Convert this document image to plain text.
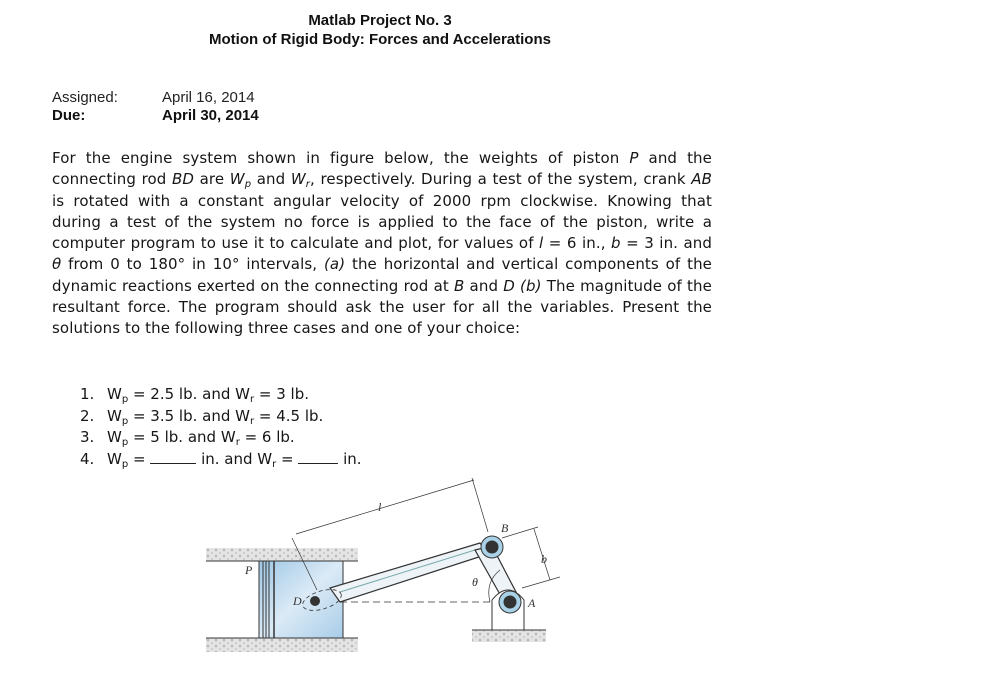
Matlab Project No. 3
Motion of Rigid Body: Forces and Accelerations
Assigned:	April 16, 2014
Due:	April 30, 2014
For the engine system shown in figure below, the weights of piston P and the connecting rod BD are $W_p$ and $W_r$, respectively. During a test of the system, crank AB is rotated with a constant angular velocity of 2000 rpm clockwise. Knowing that during a test of the system no force is applied to the face of the piston, write a computer program to use it to calculate and plot, for values of l = 6 in., b = 3 in. and θ from 0 to 180° in 10° intervals, (a) the horizontal and vertical components of the dynamic reactions exerted on the connecting rod at B and D (b) The magnitude of the resultant force. The program should ask the user for all the variables. Present the solutions to the following three cases and one of your choice:
1. $W_p = 2.5$ lb. and $W_r = 3$ lb.
2. $W_p = 3.5$ lb. and $W_r = 4.5$ lb.
3. $W_p = 5$ lb. and $W_r = 6$ lb.
4. $W_p$ =	in. and $W_r$ =	in.
l
b
θ
P
D
B
A
